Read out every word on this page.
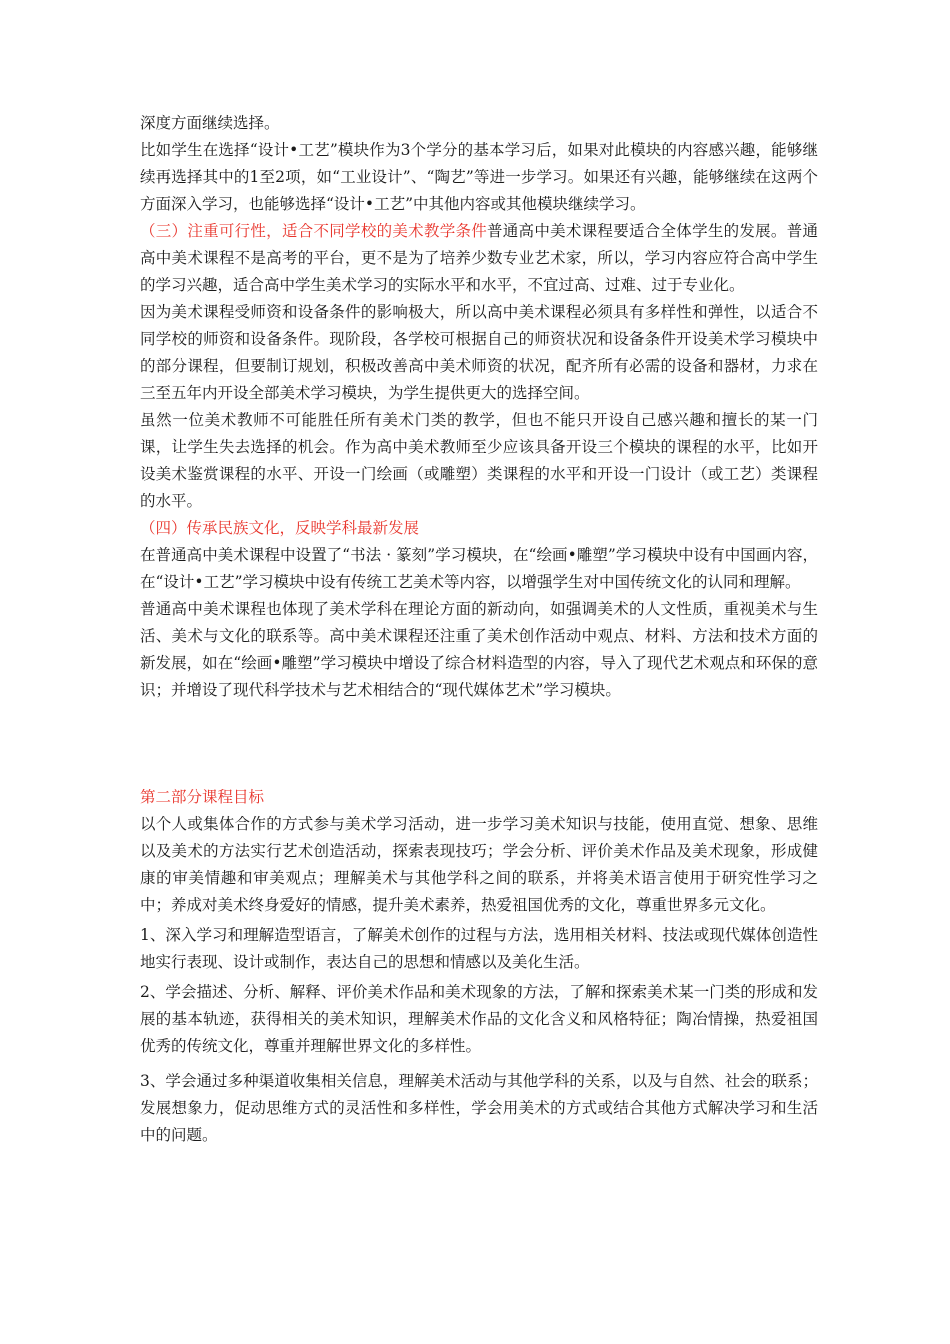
深度方面继续选择。

比如学生在选择“设计•工艺”模块作为3个学分的基本学习后，如果对此模块的内容感兴趣，能够继续再选择其中的1至2项，如“工业设计”、“陶艺”等进一步学习。如果还有兴趣，能够继续在这两个方面深入学习，也能够选择“设计•工艺”中其他内容或其他模块继续学习。

（三）注重可行性，适合不同学校的美术教学条件普通高中美术课程要适合全体学生的发展。普通高中美术课程不是高考的平台，更不是为了培养少数专业艺术家，所以，学习内容应符合高中学生的学习兴趣，适合高中学生美术学习的实际水平和水平，不宜过高、过难、过于专业化。

因为美术课程受师资和设备条件的影响极大，所以高中美术课程必须具有多样性和弹性，以适合不同学校的师资和设备条件。现阶段，各学校可根据自己的师资状况和设备条件开设美术学习模块中的部分课程，但要制订规划，积极改善高中美术师资的状况，配齐所有必需的设备和器材，力求在三至五年内开设全部美术学习模块，为学生提供更大的选择空间。

虽然一位美术教师不可能胜任所有美术门类的教学，但也不能只开设自己感兴趣和擅长的某一门课，让学生失去选择的机会。作为高中美术教师至少应该具备开设三个模块的课程的水平，比如开设美术鉴赏课程的水平、开设一门绘画（或雕塑）类课程的水平和开设一门设计（或工艺）类课程的水平。

（四）传承民族文化，反映学科最新发展

在普通高中美术课程中设置了“书法 · 篆刻”学习模块，在“绘画•雕塑”学习模块中设有中国画内容，在“设计•工艺”学习模块中设有传统工艺美术等内容，以增强学生对中国传统文化的认同和理解。

普通高中美术课程也体现了美术学科在理论方面的新动向，如强调美术的人文性质，重视美术与生活、美术与文化的联系等。高中美术课程还注重了美术创作活动中观点、材料、方法和技术方面的新发展，如在“绘画•雕塑”学习模块中增设了综合材料造型的内容，导入了现代艺术观点和环保的意识；并增设了现代科学技术与艺术相结合的“现代媒体艺术”学习模块。

第二部分课程目标

以个人或集体合作的方式参与美术学习活动，进一步学习美术知识与技能，使用直觉、想象、思维以及美术的方法实行艺术创造活动，探索表现技巧；学会分析、评价美术作品及美术现象，形成健康的审美情趣和审美观点；理解美术与其他学科之间的联系，并将美术语言使用于研究性学习之中；养成对美术终身爱好的情感，提升美术素养，热爱祖国优秀的文化，尊重世界多元文化。

1、深入学习和理解造型语言，了解美术创作的过程与方法，选用相关材料、技法或现代媒体创造性地实行表现、设计或制作，表达自己的思想和情感以及美化生活。

2、学会描述、分析、解释、评价美术作品和美术现象的方法，了解和探索美术某一门类的形成和发展的基本轨迹，获得相关的美术知识，理解美术作品的文化含义和风格特征；陶冶情操，热爱祖国优秀的传统文化，尊重并理解世界文化的多样性。

3、学会通过多种渠道收集相关信息，理解美术活动与其他学科的关系，以及与自然、社会的联系；发展想象力，促动思维方式的灵活性和多样性，学会用美术的方式或结合其他方式解决学习和生活中的问题。
